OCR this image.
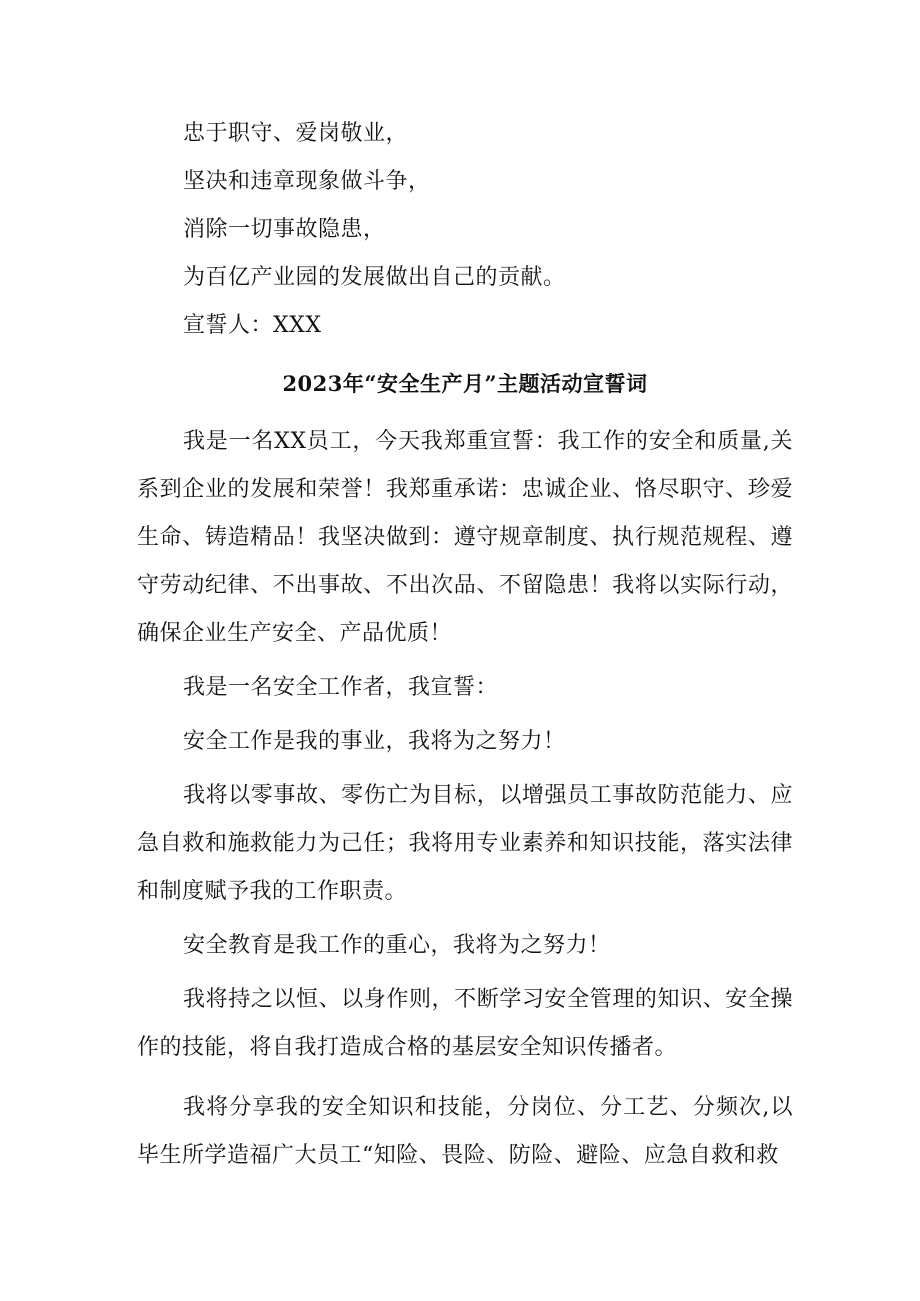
忠于职守、爱岗敬业，
坚决和违章现象做斗争，
消除一切事故隐患，
为百亿产业园的发展做出自己的贡献。
宣誓人：XXX
2023年“安全生产月”主题活动宣誓词

我是一名XX员工，今天我郑重宣誓：我工作的安全和质量,关系到企业的发展和荣誉！我郑重承诺：忠诚企业、恪尽职守、珍爱生命、铸造精品！我坚决做到：遵守规章制度、执行规范规程、遵守劳动纪律、不出事故、不出次品、不留隐患！我将以实际行动，确保企业生产安全、产品优质！

我是一名安全工作者，我宣誓：

安全工作是我的事业，我将为之努力！

我将以零事故、零伤亡为目标，以增强员工事故防范能力、应急自救和施救能力为己任；我将用专业素养和知识技能，落实法律和制度赋予我的工作职责。

安全教育是我工作的重心，我将为之努力！

我将持之以恒、以身作则，不断学习安全管理的知识、安全操作的技能，将自我打造成合格的基层安全知识传播者。

我将分享我的安全知识和技能，分岗位、分工艺、分频次,以毕生所学造福广大员工“知险、畏险、防险、避险、应急自救和救
